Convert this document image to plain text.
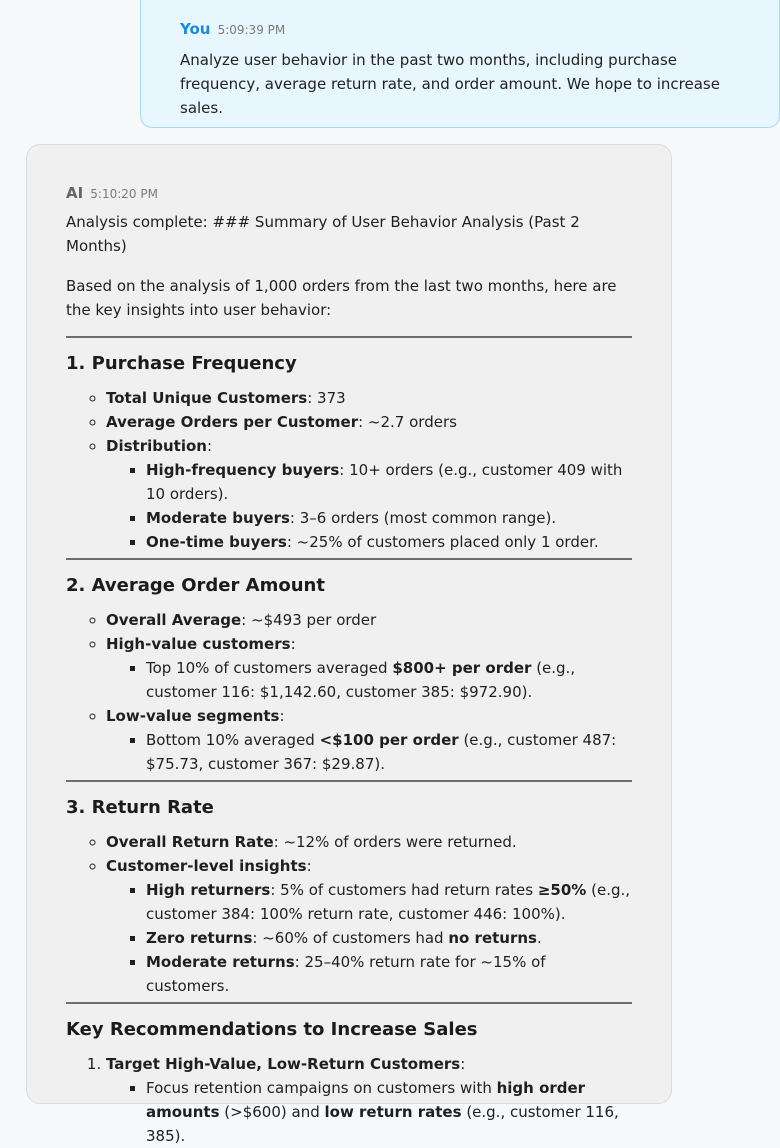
You 5:09:39 PM
Analyze user behavior in the past two months, including purchase frequency, average return rate, and order amount. We hope to increase sales.
AI 5:10:20 PM

Analysis complete: ### Summary of User Behavior Analysis (Past 2 Months)

Based on the analysis of 1,000 orders from the last two months, here are the key insights into user behavior:

1. Purchase Frequency
◦ Total Unique Customers: 373
◦ Average Orders per Customer: ~2.7 orders
◦ Distribution:
▪ High-frequency buyers: 10+ orders (e.g., customer 409 with 10 orders).
▪ Moderate buyers: 3–6 orders (most common range).
▪ One-time buyers: ~25% of customers placed only 1 order.
2. Average Order Amount
◦ Overall Average: ~$493 per order
◦ High-value customers:
▪ Top 10% of customers averaged $800+ per order (e.g., customer 116: $1,142.60, customer 385: $972.90).
◦ Low-value segments:
▪ Bottom 10% averaged <$100 per order (e.g., customer 487: $75.73, customer 367: $29.87).
3. Return Rate
◦ Overall Return Rate: ~12% of orders were returned.
◦ Customer-level insights:
▪ High returners: 5% of customers had return rates ≥50% (e.g., customer 384: 100% return rate, customer 446: 100%).
▪ Zero returns: ~60% of customers had no returns.
▪ Moderate returns: 25–40% return rate for ~15% of customers.
Key Recommendations to Increase Sales
1. Target High-Value, Low-Return Customers:
▪ Focus retention campaigns on customers with high order amounts (>$600) and low return rates (e.g., customer 116, 385).
